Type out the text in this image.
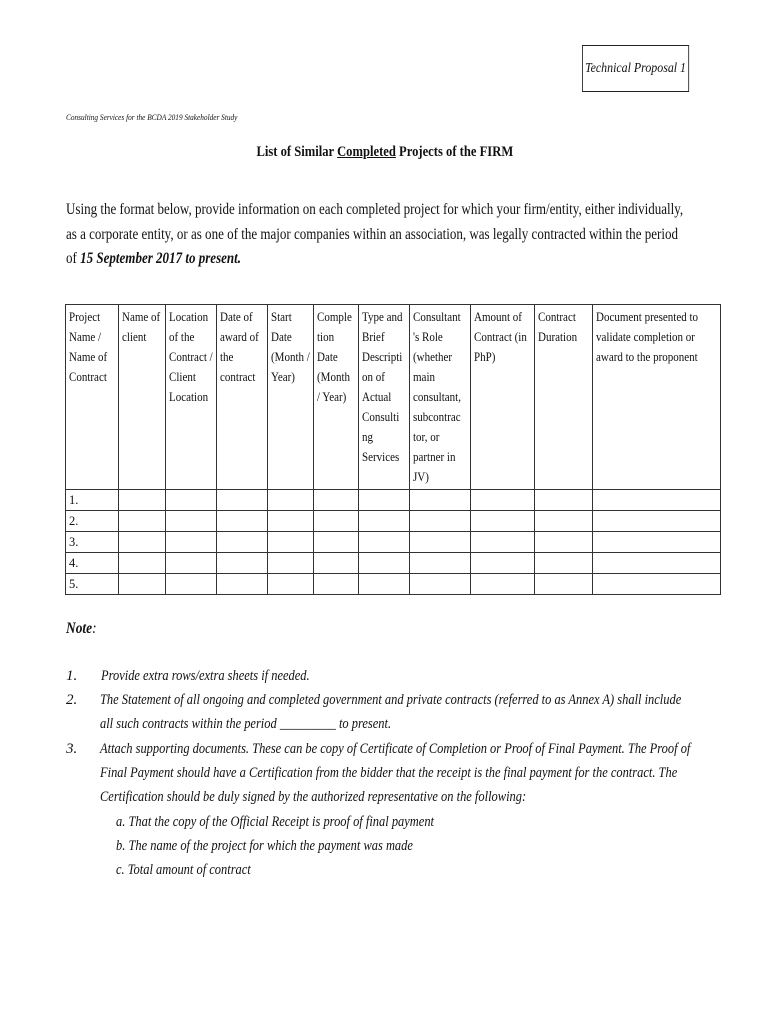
Technical Proposal 1
Consulting Services for the BCDA 2019 Stakeholder Study
List of Similar Completed Projects of the FIRM
Using the format below, provide information on each completed project for which your firm/entity, either individually,
as a corporate entity, or as one of the major companies within an association, was legally contracted within the period
of 15 September 2017 to present.
Project Name / Name of Contract	Name of client	Location of the Contract / Client Location	Date of award of the contract	Start Date (Month / Year)	Comple tion Date (Month / Year)	Type and Brief Descripti on of Actual Consulti ng Services	Consultant 's Role (whether main consultant, subcontrac tor, or partner in JV)	Amount of Contract (in PhP)	Contract Duration	Document presented to validate completion or award to the proponent

1.										
2.										
3.										
4.										
5.										
Note:
1. Provide extra rows/extra sheets if needed.
2. The Statement of all ongoing and completed government and private contracts (referred to as Annex A) shall include
all such contracts within the period _________ to present.
3. Attach supporting documents. These can be copy of Certificate of Completion or Proof of Final Payment. The Proof of
Final Payment should have a Certification from the bidder that the receipt is the final payment for the contract. The
Certification should be duly signed by the authorized representative on the following:
a. That the copy of the Official Receipt is proof of final payment
b. The name of the project for which the payment was made
c. Total amount of contract
